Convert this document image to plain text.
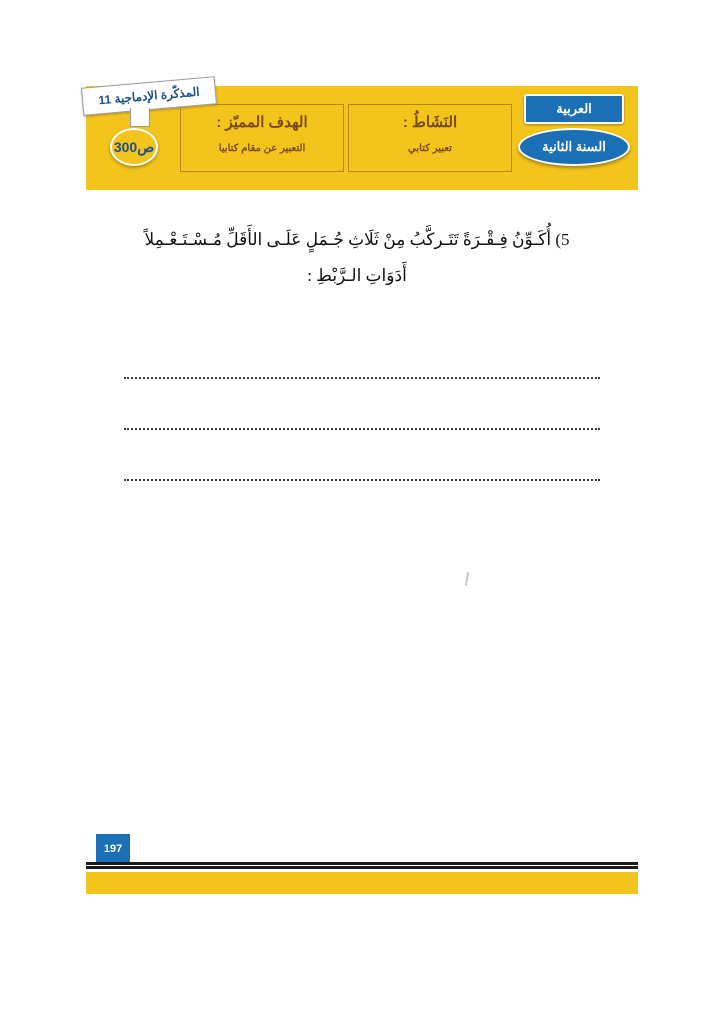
العربية
السنة الثانية
النَشَاطُ :
تعبير كتابي
الهدف المميّز :
التعبير عن مقام كتابيا
المذكّرة الإدماجية 11
ص300
5) أُكَـوِّنُ فِـقْـرَةً تَتَـركَّبُ مِنْ ثَلَاثِ جُـمَلٍ عَلَـى الأَقَلِّ مُـسْـتَـعْـمِلاً
أَدَوَاتِ الـرَّبْطِ :
197
